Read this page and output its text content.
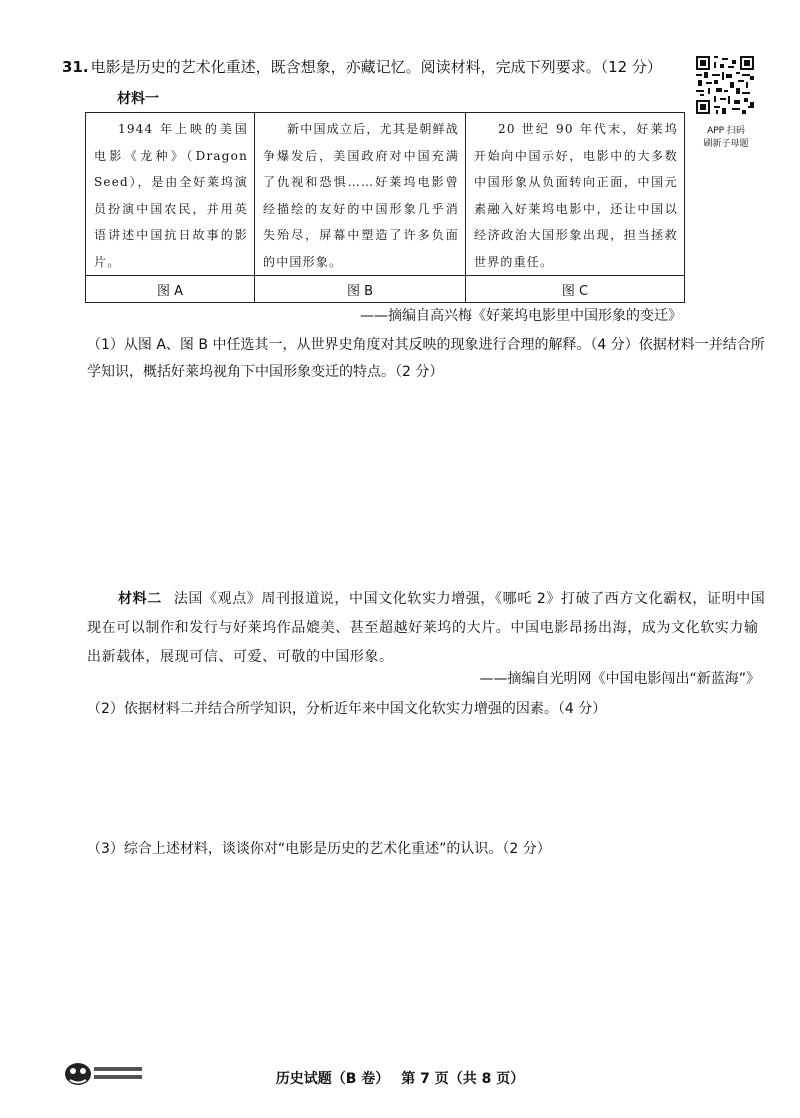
31. 电影是历史的艺术化重述，既含想象，亦藏记忆。阅读材料，完成下列要求。（12 分）
材料一
APP 扫码
刷新子母题
1944 年上映的美国电影《龙种》（Dragon Seed），是由全好莱坞演员扮演中国农民，并用英语讲述中国抗日故事的影片。	新中国成立后，尤其是朝鲜战争爆发后，美国政府对中国充满了仇视和恐惧……好莱坞电影曾经描绘的友好的中国形象几乎消失殆尽，屏幕中塑造了许多负面的中国形象。	20 世纪 90 年代末，好莱坞开始向中国示好，电影中的大多数中国形象从负面转向正面，中国元素融入好莱坞电影中，还让中国以经济政治大国形象出现，担当拯救世界的重任。

图 A	图 B	图 C
——摘编自高兴梅《好莱坞电影里中国形象的变迁》
（1）从图 A、图 B 中任选其一，从世界史角度对其反映的现象进行合理的解释。（4 分）依据材料一并结合所学知识，概括好莱坞视角下中国形象变迁的特点。（2 分）
材料二 法国《观点》周刊报道说，中国文化软实力增强，《哪吒 2》打破了西方文化霸权，证明中国现在可以制作和发行与好莱坞作品媲美、甚至超越好莱坞的大片。中国电影昂扬出海，成为文化软实力输出新载体，展现可信、可爱、可敬的中国形象。
——摘编自光明网《中国电影闯出“新蓝海”》
（2）依据材料二并结合所学知识，分析近年来中国文化软实力增强的因素。（4 分）
（3）综合上述材料，谈谈你对“电影是历史的艺术化重述”的认识。（2 分）
历史试题（B 卷） 第 7 页（共 8 页）
